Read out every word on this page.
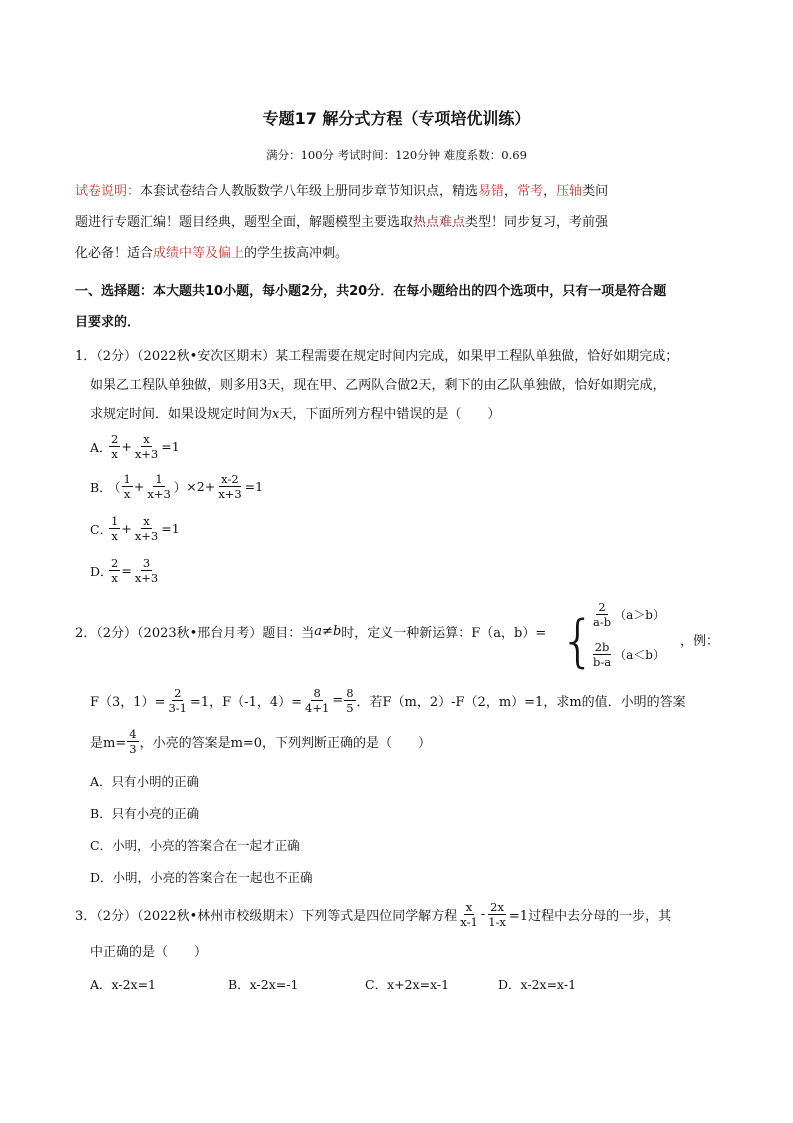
专题17 解分式方程（专项培优训练）
满分：100分 考试时间：120分钟 难度系数：0.69
试卷说明：本套试卷结合人教版数学八年级上册同步章节知识点，精选易错，常考，压轴类问
题进行专题汇编！题目经典，题型全面，解题模型主要选取热点难点类型！同步复习，考前强
化必备！适合成绩中等及偏上的学生拔高冲刺。
一、选择题：本大题共10小题，每小题2分，共20分．在每小题给出的四个选项中，只有一项是符合题
目要求的．
1．（2分）（2022秋•安次区期末）某工程需要在规定时间内完成，如果甲工程队单独做，恰好如期完成；
如果乙工程队单独做，则多用3天，现在甲、乙两队合做2天，剩下的由乙队单独做，恰好如期完成，
求规定时间．如果设规定时间为x天，下面所列方程中错误的是（　　）
A．
$\frac{2}{x} + \frac{x}{x+3} =1$
B．
（ $\frac{1}{x} + \frac{1}{x+3}$ ） $\times 2+ \frac{x-2}{x+3} =1$
C．
$\frac{1}{x} + \frac{x}{x+3} =1$
D．
$\frac{2}{x} = \frac{3}{x+3}$
2．（2分）（2023秋•邢台月考）题目：当 a≠b 时，定义一种新运算： F（a，b）= {
$\frac{2}{a-b} (a>b)$
$\frac{2b}{b-a} (a<b)$
，例：
F（3，$1)= \frac{2}{3-1} =1$，F（-1，$4)= \frac{8}{4+1} = \frac{8}{5}$ ．若F（m，2）-F（2，m）=1，求m的值．小明的答案
是$m= \frac{4}{3}$ ，小亮的答案是m=0，下列判断正确的是（　　）
A．只有小明的正确
B．只有小亮的正确
C．小明，小亮的答案合在一起才正确
D．小明，小亮的答案合在一起也不正确
3．（2分）（2022秋•林州市校级期末）下列等式是四位同学解方程 $\frac{x}{x-1} - \frac{2x}{1-x} =1$过程中去分母的一步，其
中正确的是（　　）
A．x-2x=1	B．x-2x=-1	C．x+2x=x-1	D．x-2x=x-1
